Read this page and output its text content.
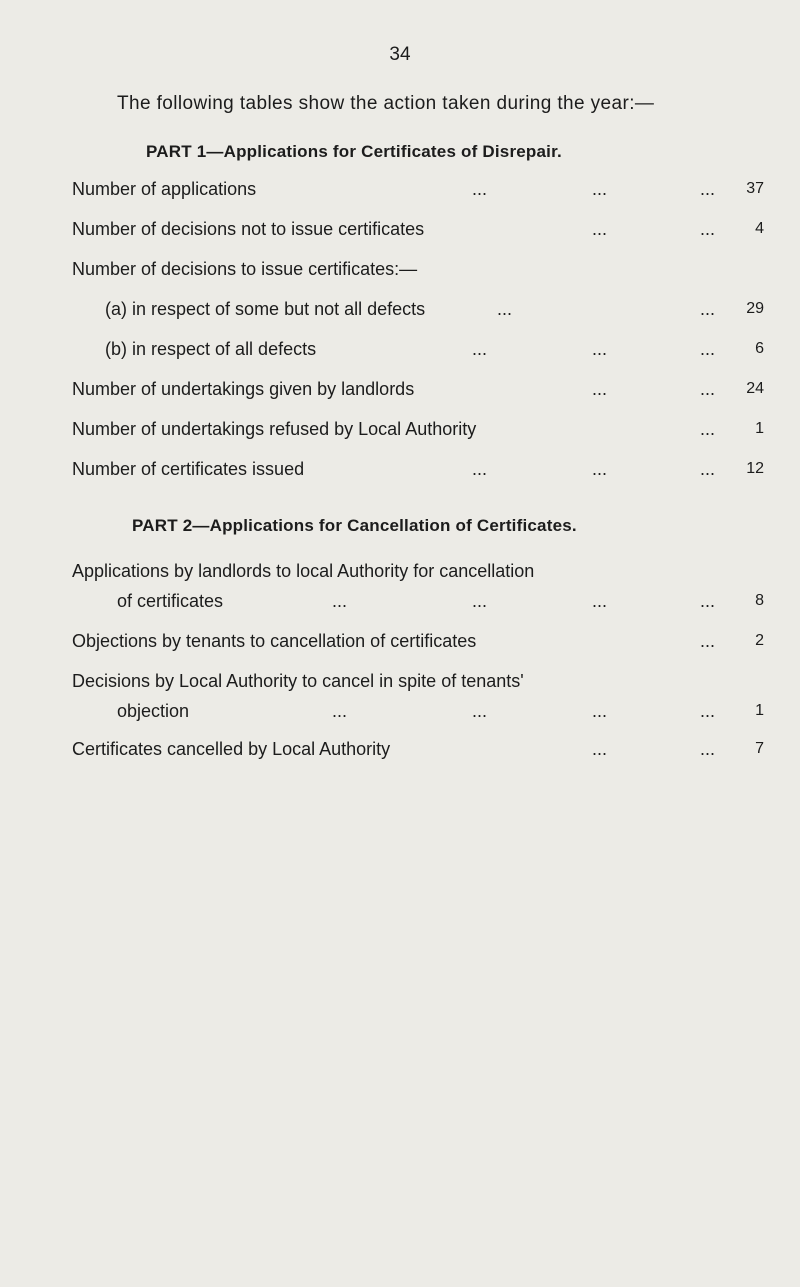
34
The following tables show the action taken during the year:—
PART 1—Applications for Certificates of Disrepair.
Number of applications	...	...	... 37
Number of decisions not to issue certificates	...	...	4
Number of decisions to issue certificates:—
(a) in respect of some but not all defects	...	... 29
(b) in respect of all defects	...	...	...	6
Number of undertakings given by landlords	...	... 24
Number of undertakings refused by Local Authority	...	1
Number of certificates issued	...	...	... 12
PART 2—Applications for Cancellation of Certificates.
Applications by landlords to local Authority for cancellation
of certificates	...	...	...	...	8
Objections by tenants to cancellation of certificates	...	2
Decisions by Local Authority to cancel in spite of tenants'
objection	...	...	...	...	1
Certificates cancelled by Local Authority	...	...	7
